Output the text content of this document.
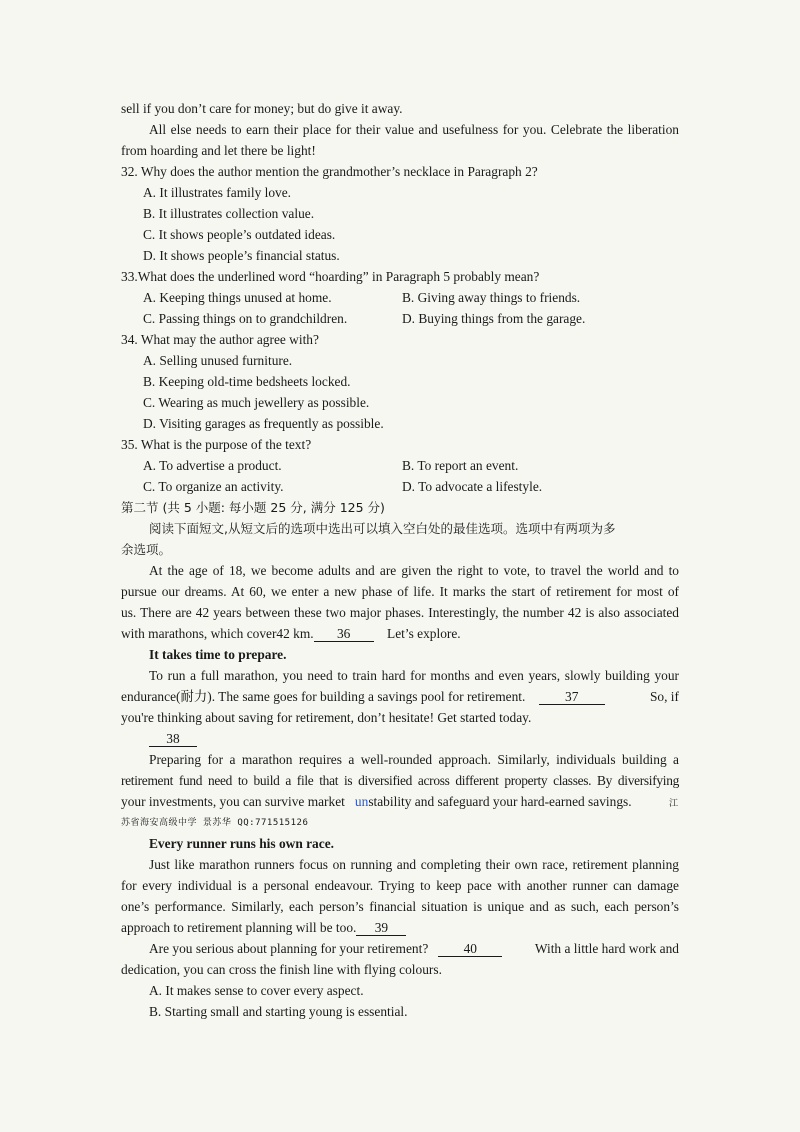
sell if you don’t care for money; but do give it away.
All else needs to earn their place for their value and usefulness for you. Celebrate the liberation
from hoarding and let there be light!
32. Why does the author mention the grandmother’s necklace in Paragraph 2?
A. It illustrates family love.
B. It illustrates collection value.
C. It shows people’s outdated ideas.
D. It shows people’s financial status.
33.What does the underlined word “hoarding” in Paragraph 5 probably mean?
A. Keeping things unused at home.	B. Giving away things to friends.
C. Passing things on to grandchildren.	D. Buying things from the garage.
34. What may the author agree with?
A. Selling unused furniture.
B. Keeping old-time bedsheets locked.
C. Wearing as much jewellery as possible.
D. Visiting garages as frequently as possible.
35. What is the purpose of the text?
A. To advertise a product.	B. To report an event.
C. To organize an activity.	D. To advocate a lifestyle.
第二节 (共 5 小题: 每小题 25 分, 满分 125 分)
阅读下面短文,从短文后的选项中选出可以填入空白处的最佳选项。选项中有两项为多
余选项。
At the age of 18, we become adults and are given the right to vote, to travel the world and to
pursue our dreams. At 60, we enter a new phase of life. It marks the start of retirement for most of
us. There are 42 years between these two major phases. Interestingly, the number 42 is also associated
with marathons, which cover42 km. 36	Let’s explore.
It takes time to prepare.
To run a full marathon, you need to train hard for months and even years, slowly building your
endurance(耐力). The same goes for building a savings pool for retirement.	37	So, if
you're thinking about saving for retirement, don’t hesitate! Get started today.
38
Preparing for a marathon requires a well-rounded approach. Similarly, individuals building a
retirement fund need to build a file that is diversified across different property classes. By diversifying
your investments, you can survive market unstability and safeguard your hard-earned savings.	江
苏省海安高级中学 景苏华 QQ:771515126
Every runner runs his own race.
Just like marathon runners focus on running and completing their own race, retirement planning
for every individual is a personal endeavour. Trying to keep pace with another runner can damage
one’s performance. Similarly, each person’s financial situation is unique and as such, each person’s
approach to retirement planning will be too. 39
Are you serious about planning for your retirement?	40	With a little hard work and
dedication, you can cross the finish line with flying colours.
A. It makes sense to cover every aspect.
B. Starting small and starting young is essential.
